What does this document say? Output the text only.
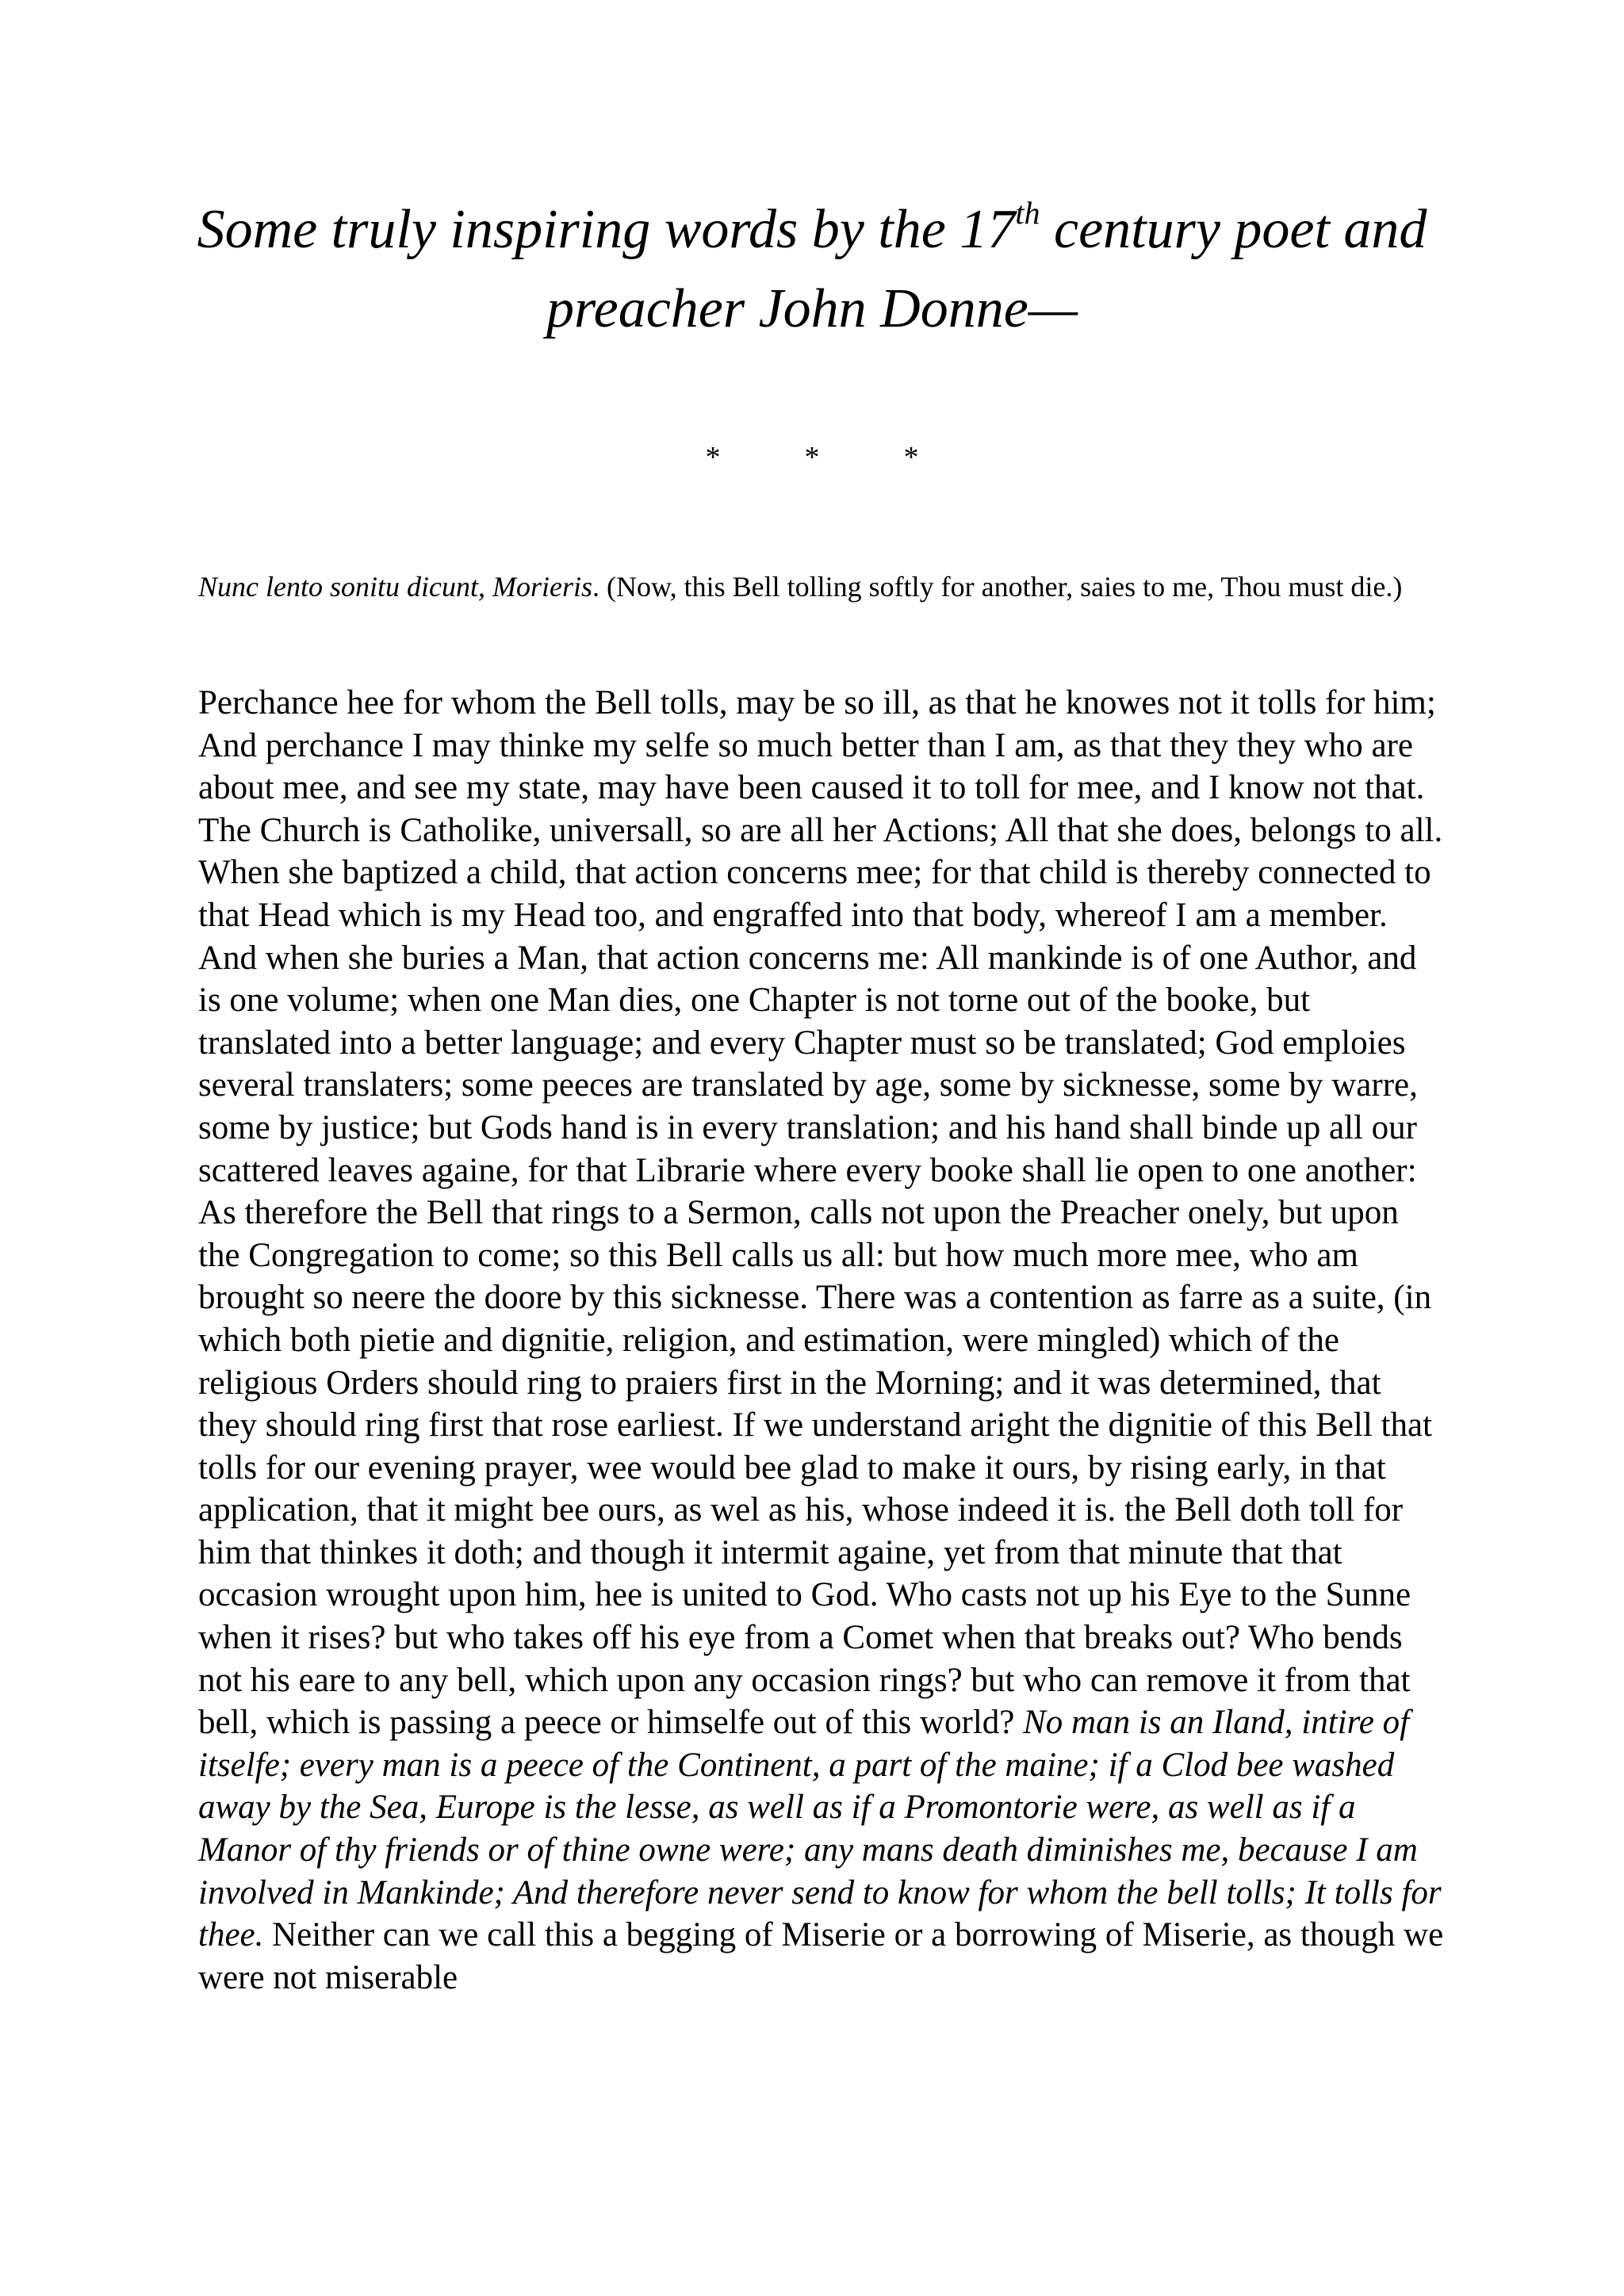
Some truly inspiring words by the 17th century poet and preacher John Donne—
*	*	*

Nunc lento sonitu dicunt, Morieris. (Now, this Bell tolling softly for another, saies to me, Thou must die.)

Perchance hee for whom the Bell tolls, may be so ill, as that he knowes not it tolls for him; And perchance I may thinke my selfe so much better than I am, as that they they who are about mee, and see my state, may have been caused it to toll for mee, and I know not that. The Church is Catholike, universall, so are all her Actions; All that she does, belongs to all. When she baptized a child, that action concerns mee; for that child is thereby connected to that Head which is my Head too, and engraffed into that body, whereof I am a member. And when she buries a Man, that action concerns me: All mankinde is of one Author, and is one volume; when one Man dies, one Chapter is not torne out of the booke, but translated into a better language; and every Chapter must so be translated; God emploies several translaters; some peeces are translated by age, some by sicknesse, some by warre, some by justice; but Gods hand is in every translation; and his hand shall binde up all our scattered leaves againe, for that Librarie where every booke shall lie open to one another: As therefore the Bell that rings to a Sermon, calls not upon the Preacher onely, but upon the Congregation to come; so this Bell calls us all: but how much more mee, who am brought so neere the doore by this sicknesse. There was a contention as farre as a suite, (in which both pietie and dignitie, religion, and estimation, were mingled) which of the religious Orders should ring to praiers first in the Morning; and it was determined, that they should ring first that rose earliest. If we understand aright the dignitie of this Bell that tolls for our evening prayer, wee would bee glad to make it ours, by rising early, in that application, that it might bee ours, as wel as his, whose indeed it is. the Bell doth toll for him that thinkes it doth; and though it intermit againe, yet from that minute that that occasion wrought upon him, hee is united to God. Who casts not up his Eye to the Sunne when it rises? but who takes off his eye from a Comet when that breaks out? Who bends not his eare to any bell, which upon any occasion rings? but who can remove it from that bell, which is passing a peece or himselfe out of this world? No man is an Iland, intire of itselfe; every man is a peece of the Continent, a part of the maine; if a Clod bee washed away by the Sea, Europe is the lesse, as well as if a Promontorie were, as well as if a Manor of thy friends or of thine owne were; any mans death diminishes me, because I am involved in Mankinde; And therefore never send to know for whom the bell tolls; It tolls for thee. Neither can we call this a begging of Miserie or a borrowing of Miserie, as though we were not miserable
